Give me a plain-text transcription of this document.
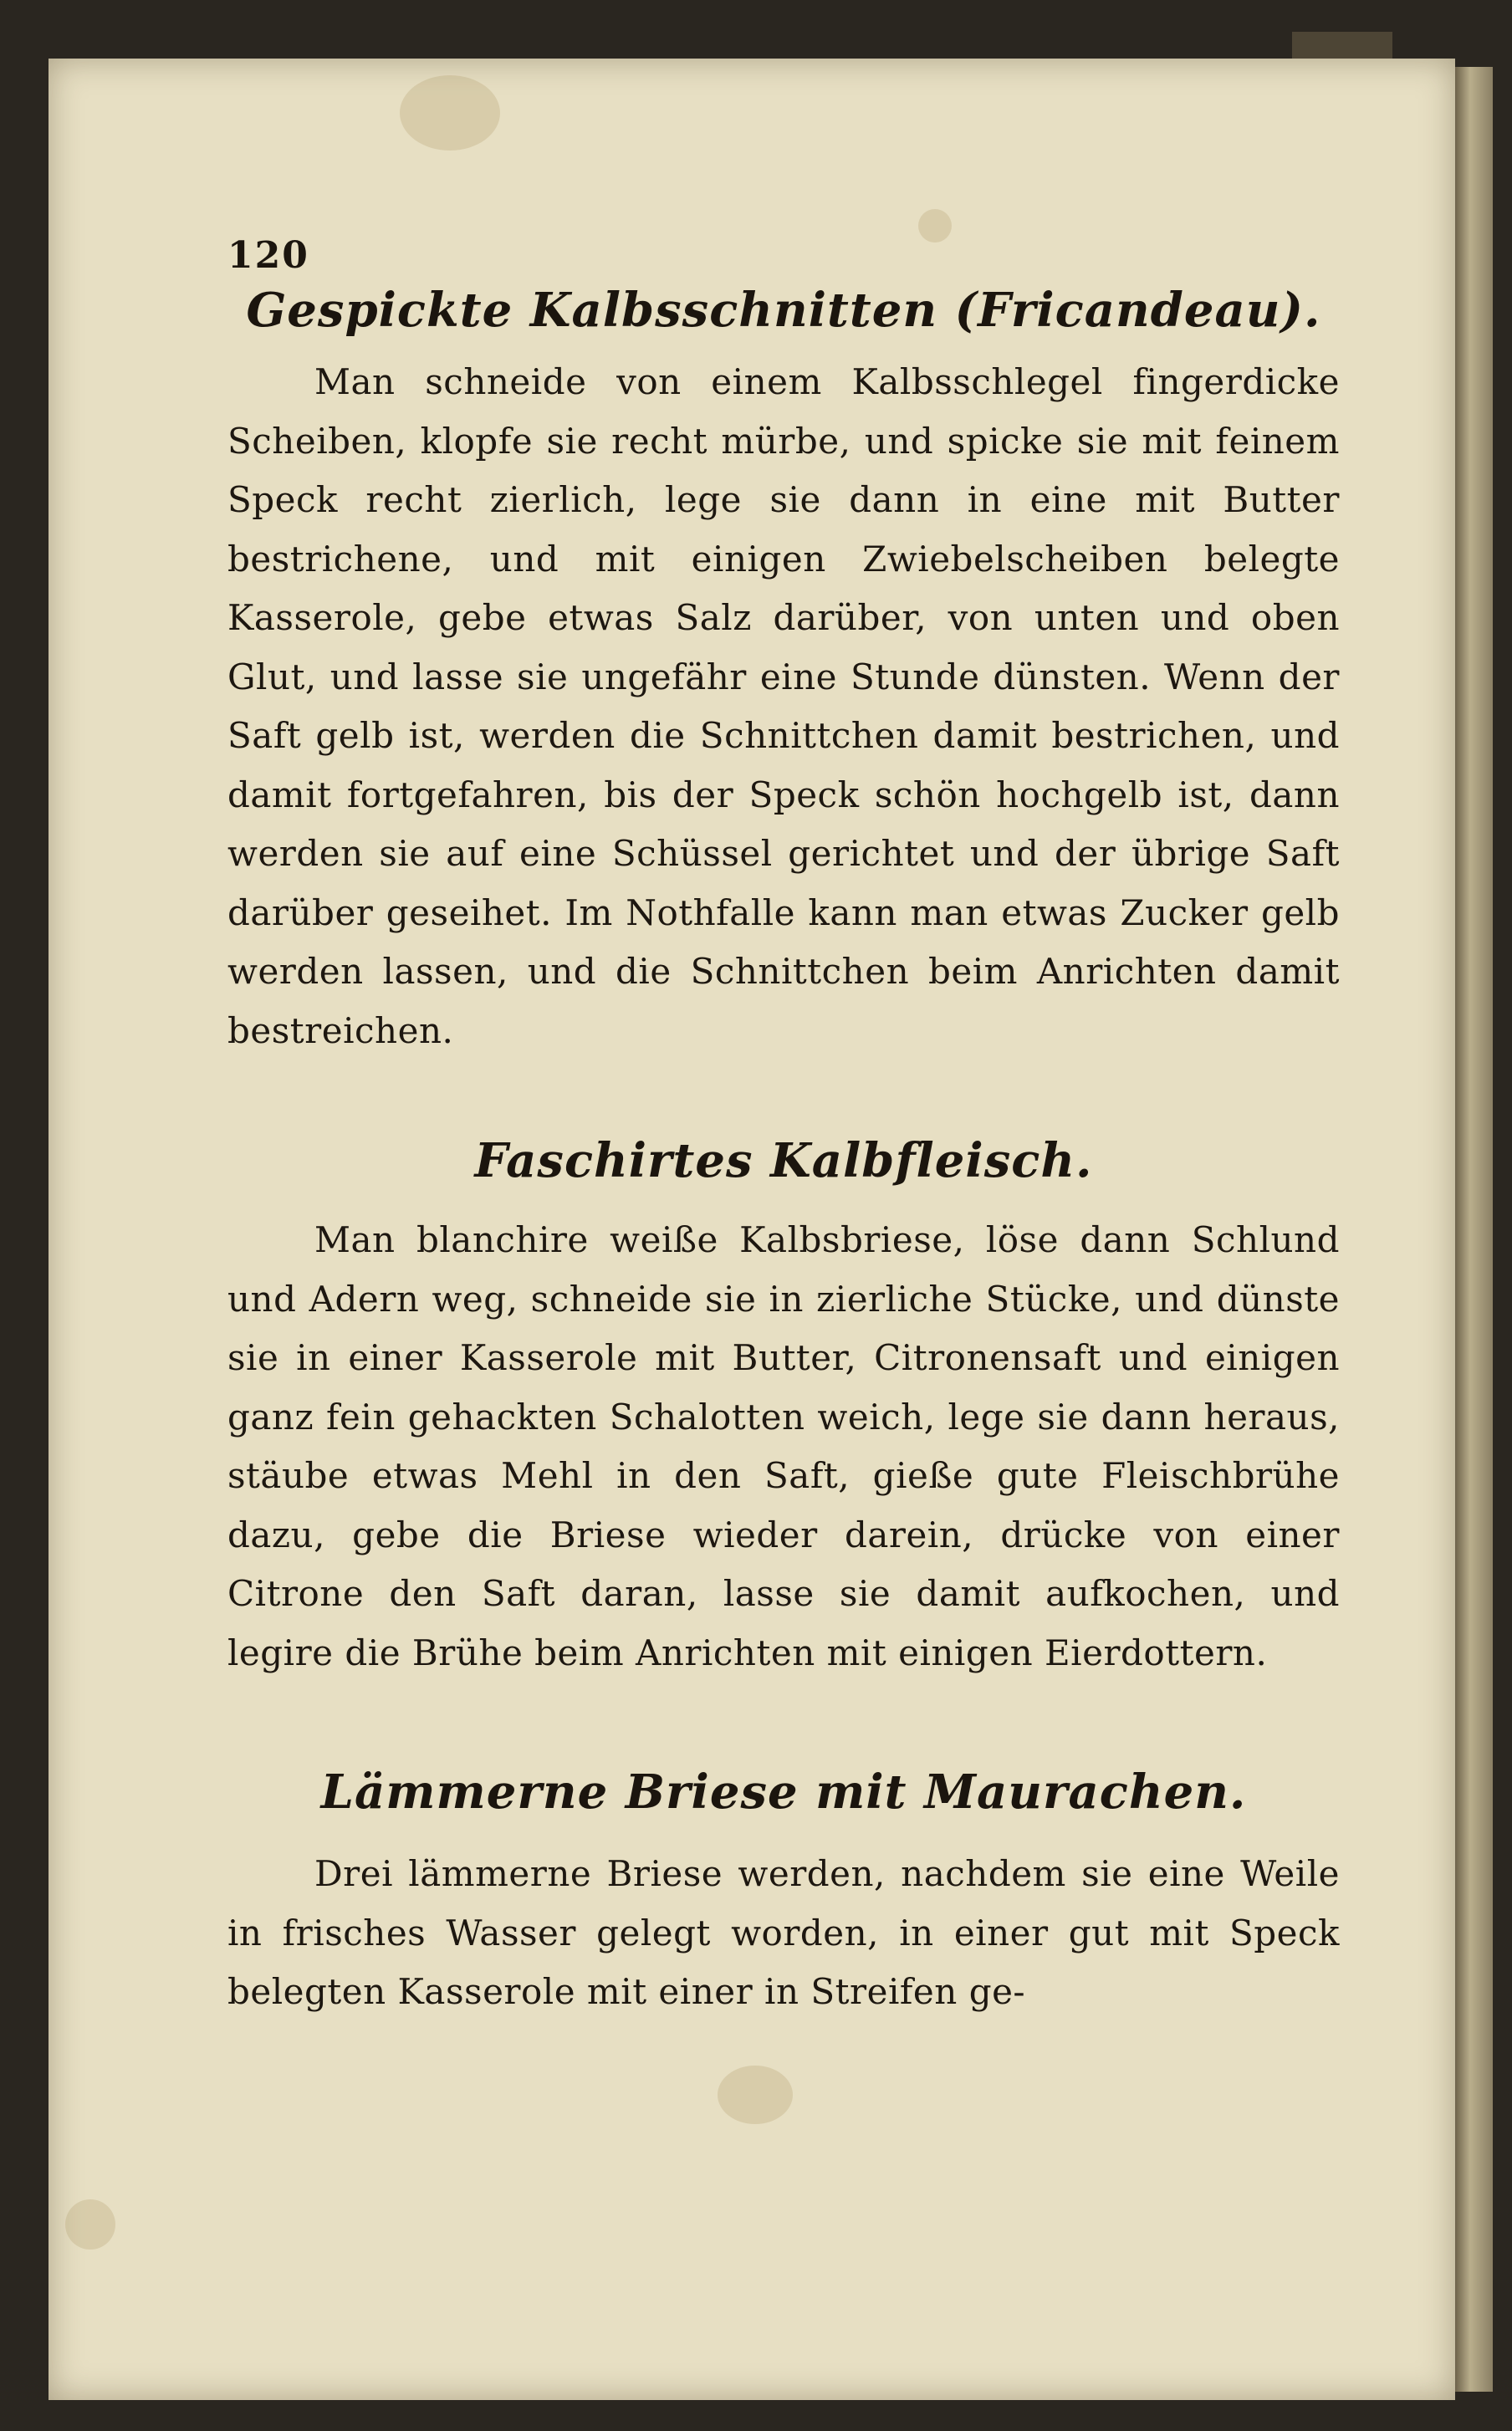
120
Gespickte Kalbsschnitten (Fricandeau).

Man schneide von einem Kalbsschlegel fingerdicke Scheiben, klopfe sie recht mürbe, und spicke sie mit feinem Speck recht zierlich, lege sie dann in eine mit Butter bestrichene, und mit einigen Zwiebelscheiben belegte Kasserole, gebe etwas Salz darüber, von unten und oben Glut, und lasse sie ungefähr eine Stunde dünsten. Wenn der Saft gelb ist, werden die Schnittchen damit bestrichen, und damit fortgefahren, bis der Speck schön hochgelb ist, dann werden sie auf eine Schüssel gerichtet und der übrige Saft darüber geseihet. Im Nothfalle kann man etwas Zucker gelb werden lassen, und die Schnittchen beim Anrichten damit bestreichen.

Faschirtes Kalbfleisch.

Man blanchire weiße Kalbsbriese, löse dann Schlund und Adern weg, schneide sie in zierliche Stücke, und dünste sie in einer Kasserole mit Butter, Citronensaft und einigen ganz fein gehackten Schalotten weich, lege sie dann heraus, stäube etwas Mehl in den Saft, gieße gute Fleischbrühe dazu, gebe die Briese wieder darein, drücke von einer Citrone den Saft daran, lasse sie damit aufkochen, und legire die Brühe beim Anrichten mit einigen Eierdottern.

Lämmerne Briese mit Maurachen.

Drei lämmerne Briese werden, nachdem sie eine Weile in frisches Wasser gelegt worden, in einer gut mit Speck belegten Kasserole mit einer in Streifen ge-
